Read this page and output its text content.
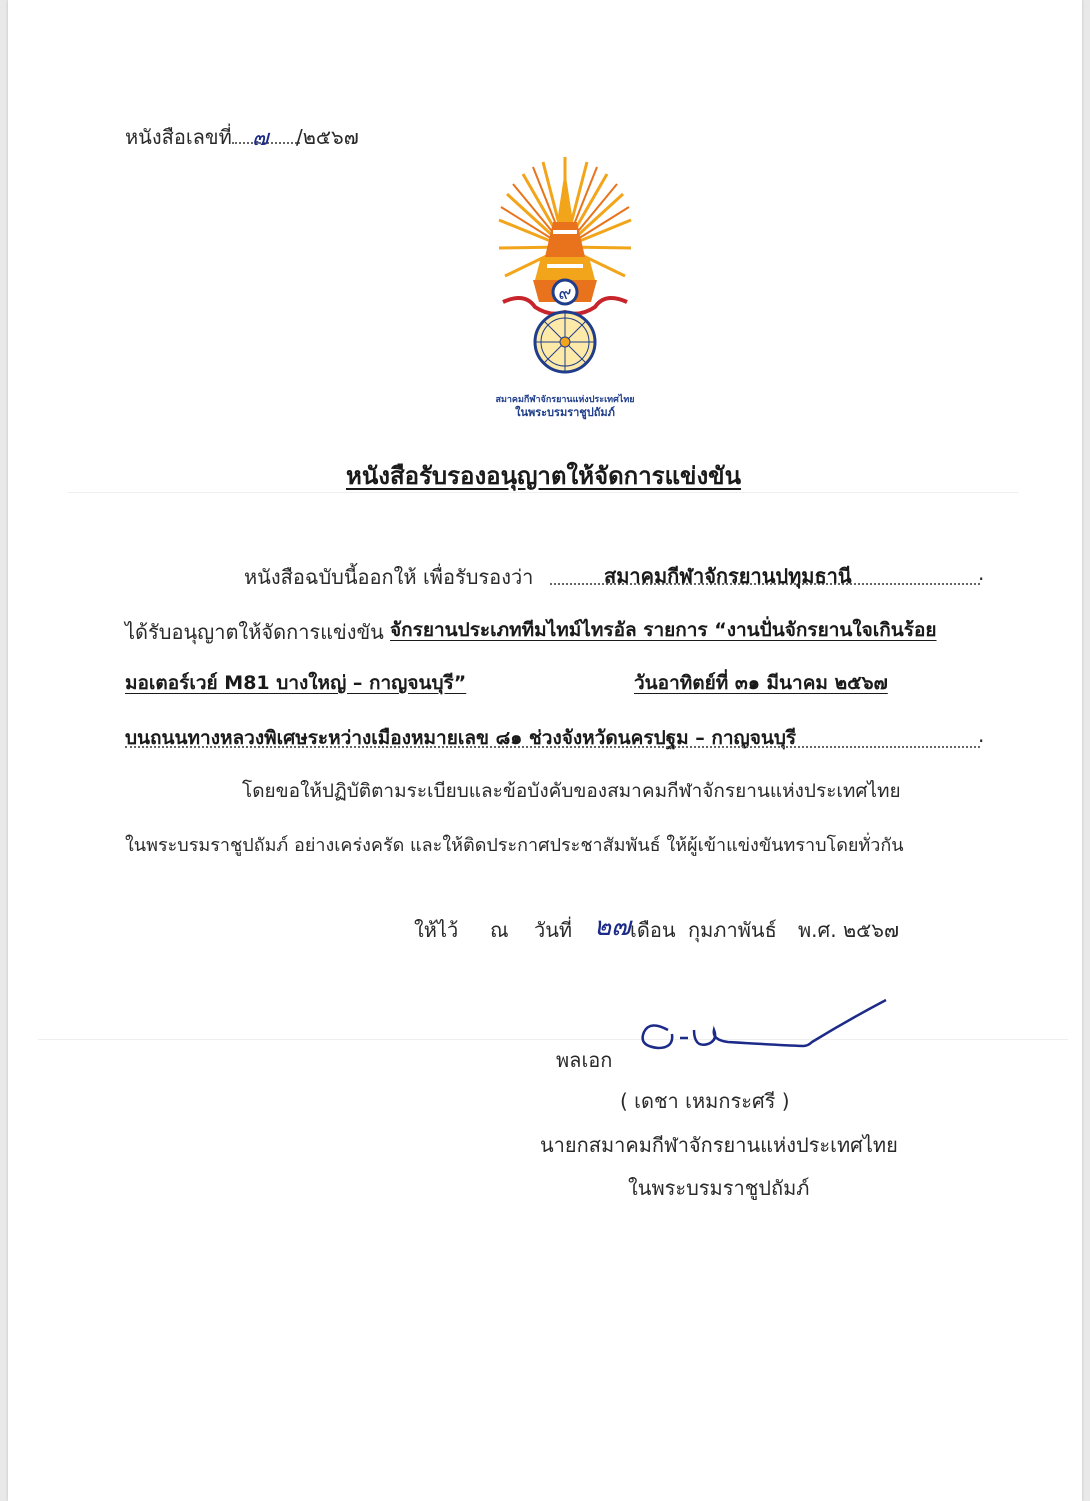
หนังสือเลขที่ ๗ /๒๕๖๗
๙
สมาคมกีฬาจักรยานแห่งประเทศไทย
ในพระบรมราชูปถัมภ์
หนังสือรับรองอนุญาตให้จัดการแข่งขัน
หนังสือฉบับนี้ออกให้ เพื่อรับรองว่า	สมาคมกีฬาจักรยานปทุมธานี	.
ได้รับอนุญาตให้จัดการแข่งขัน จักรยานประเภททีมไทม์ไทรอัล รายการ “งานปั่นจักรยานใจเกินร้อย
มอเตอร์เวย์ M81 บางใหญ่ – กาญจนบุรี”	วันอาทิตย์ที่ ๓๑ มีนาคม ๒๕๖๗
บนถนนทางหลวงพิเศษระหว่างเมืองหมายเลข ๘๑ ช่วงจังหวัดนครปฐม – กาญจนบุรี	.
โดยขอให้ปฏิบัติตามระเบียบและข้อบังคับของสมาคมกีฬาจักรยานแห่งประเทศไทย
ในพระบรมราชูปถัมภ์ อย่างเคร่งครัด และให้ติดประกาศประชาสัมพันธ์ ให้ผู้เข้าแข่งขันทราบโดยทั่วกัน
ให้ไว้ ณ วันที่ ๒๗ เดือน กุมภาพันธ์ พ.ศ. ๒๕๖๗
พลเอก
( เดชา เหมกระศรี )
นายกสมาคมกีฬาจักรยานแห่งประเทศไทย
ในพระบรมราชูปถัมภ์
